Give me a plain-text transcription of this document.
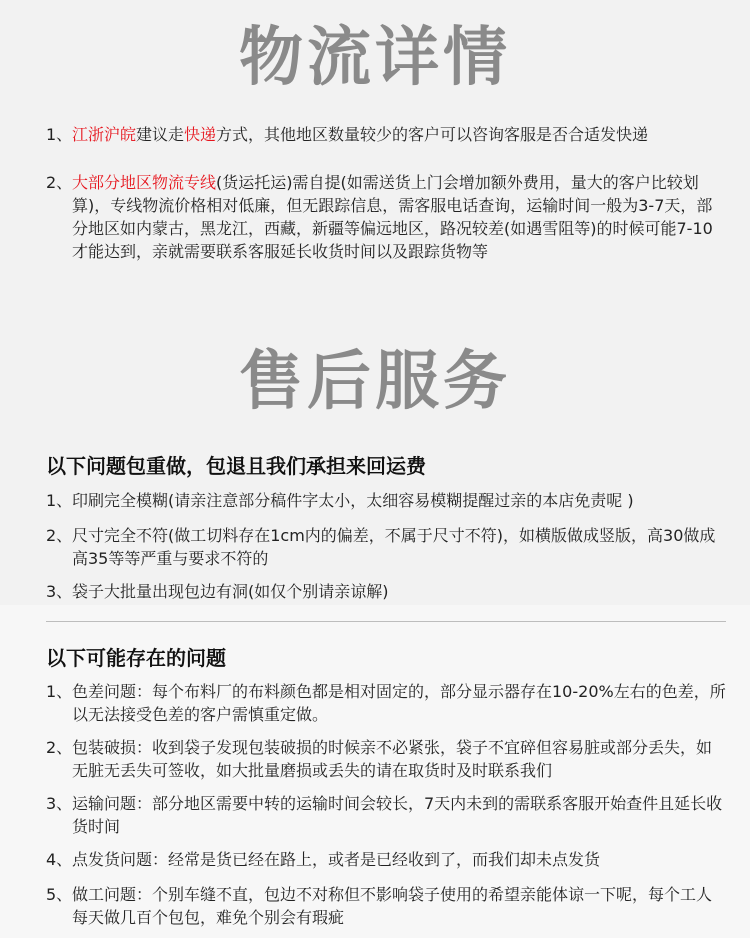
物流详情
1、 江浙沪皖建议走快递方式，其他地区数量较少的客户可以咨询客服是否合适发快递
2、 大部分地区物流专线(货运托运)需自提(如需送货上门会增加额外费用，量大的客户比较划算)，专线物流价格相对低廉，但无跟踪信息，需客服电话查询，运输时间一般为3-7天，部分地区如内蒙古，黑龙江，西藏，新疆等偏远地区，路况较差(如遇雪阻等)的时候可能7-10才能达到，亲就需要联系客服延长收货时间以及跟踪货物等
售后服务
以下问题包重做，包退且我们承担来回运费
1、 印刷完全模糊(请亲注意部分稿件字太小，太细容易模糊提醒过亲的本店免责呢 )
2、 尺寸完全不符(做工切料存在1cm内的偏差，不属于尺寸不符)，如横版做成竖版，高30做成高35等等严重与要求不符的
3、 袋子大批量出现包边有洞(如仅个别请亲谅解)
以下可能存在的问题
1、 色差问题：每个布料厂的布料颜色都是相对固定的，部分显示器存在10-20%左右的色差，所以无法接受色差的客户需慎重定做。
2、 包装破损：收到袋子发现包装破损的时候亲不必紧张，袋子不宜碎但容易脏或部分丢失，如无脏无丢失可签收，如大批量磨损或丢失的请在取货时及时联系我们
3、 运输问题：部分地区需要中转的运输时间会较长，7天内未到的需联系客服开始查件且延长收货时间
4、 点发货问题：经常是货已经在路上，或者是已经收到了，而我们却未点发货
5、 做工问题：个别车缝不直，包边不对称但不影响袋子使用的希望亲能体谅一下呢，每个工人每天做几百个包包，难免个别会有瑕疵
